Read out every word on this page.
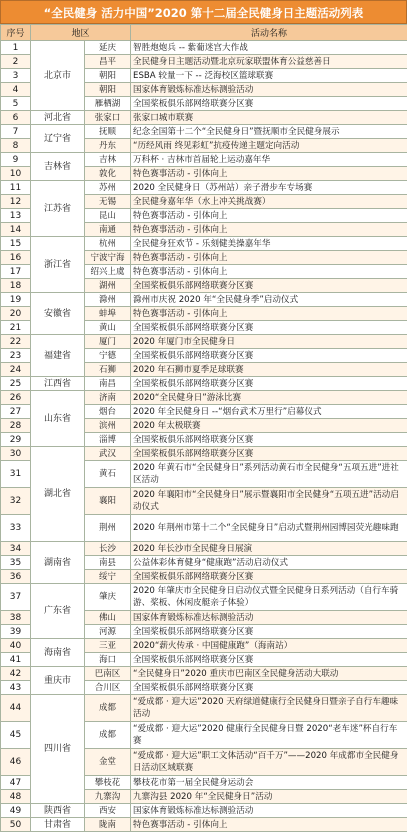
“全民健身 活力中国”2020 第十二届全民健身日主题活动列表
序号	地区		活动名称
1	北京市	延庆	智胜炮炮兵 -- 紫葡迷宫大作战
2		昌平	全民健身日主题活动暨北京玩家联盟体育公益慈善日
3		朝阳	ESBA 较量一下 -- 泛海校区篮球联赛
4		朝阳	国家体育锻炼标准达标测验活动
5		雁栖湖	全国桨板俱乐部网络联赛分区赛
6	河北省	张家口	张家口城市联赛
7	辽宁省	抚顺	纪念全国第十二个“全民健身日”暨抚顺市全民健身展示
8		丹东	“历经风雨 终见彩虹”抗疫传递主题定向活动
9	吉林省	吉林	万科杯 · 吉林市首届轮上运动嘉年华
10		敦化	特色赛事活动 - 引体向上
11	江苏省	苏州	2020 全民健身日（苏州站）亲子滑步车专场赛
12		无锡	全民健身嘉年华（水上冲关挑战赛）
13		昆山	特色赛事活动 - 引体向上
14		南通	特色赛事活动 - 引体向上
15	浙江省	杭州	全民健身狂欢节 - 乐刻健美操嘉年华
16		宁波宁海	特色赛事活动 - 引体向上
17		绍兴上虞	特色赛事活动 - 引体向上
18		湖州	全国桨板俱乐部网络联赛分区赛
19	安徽省	滁州	滁州市庆祝 2020 年“全民健身季”启动仪式
20		蚌埠	特色赛事活动 - 引体向上
21		黄山	全国桨板俱乐部网络联赛分区赛
22	福建省	厦门	2020 年厦门市全民健身日
23		宁德	全国桨板俱乐部网络联赛分区赛
24		石狮	2020 年石狮市夏季足球联赛
25	江西省	南昌	全国桨板俱乐部网络联赛分区赛
26	山东省	济南	2020“全民健身日”游泳比赛
27		烟台	2020 年全民健身日 --“烟台武术万里行”启幕仪式
28		滨州	2020 年太极联赛
29		淄博	全国桨板俱乐部网络联赛分区赛
30	湖北省	武汉	全国桨板俱乐部网络联赛分区赛
31		黄石	2020 年黄石市“全民健身日”系列活动黄石市全民健身“五项五进”进社区活动
32		襄阳	2020 年襄阳市“全民健身日”展示暨襄阳市全民健身“五项五进”活动启动仪式
33		荆州	2020 年荆州市第十二个“全民健身日”启动式暨荆州园博园荧光趣味跑
34	湖南省	长沙	2020 年长沙市全民健身日展演
35		南县	公益体彩体育健身“健康跑”活动启动仪式
36		绥宁	全国桨板俱乐部网络联赛分区赛
37	广东省	肇庆	2020 年肇庆市全民健身日启动仪式暨全民健身日系列活动（自行车骑游、桨板、休闲皮艇亲子体验）
38		佛山	国家体育锻炼标准达标测验活动
39		河源	全国桨板俱乐部网络联赛分区赛
40	海南省	三亚	2020“薪火传承 · 中国健康跑”（海南站）
41		海口	全国桨板俱乐部网络联赛分区赛
42	重庆市	巴南区	“全民健身日”2020 重庆市巴南区全民健身活动大联动
43		合川区	全国桨板俱乐部网络联赛分区赛
44	四川省	成都	“爱成都 · 迎大运”2020 天府绿道健康行全民健身日暨亲子自行车趣味活动
45		成都	“爱成都 · 迎大运”2020 健康行全民健身日暨 2020“老车迷”杯自行车赛
46		金堂	“爱成都 · 迎大运”职工文体活动“百千万”——2020 年成都市全民健身日活动区域联赛
47		攀枝花	攀枝花市第一届全民健身运动会
48		九寨沟	九寨沟县 2020 年“全民健身日”活动
49	陕西省	西安	国家体育锻炼标准达标测验活动
50	甘肃省	陇南	特色赛事活动 - 引体向上
